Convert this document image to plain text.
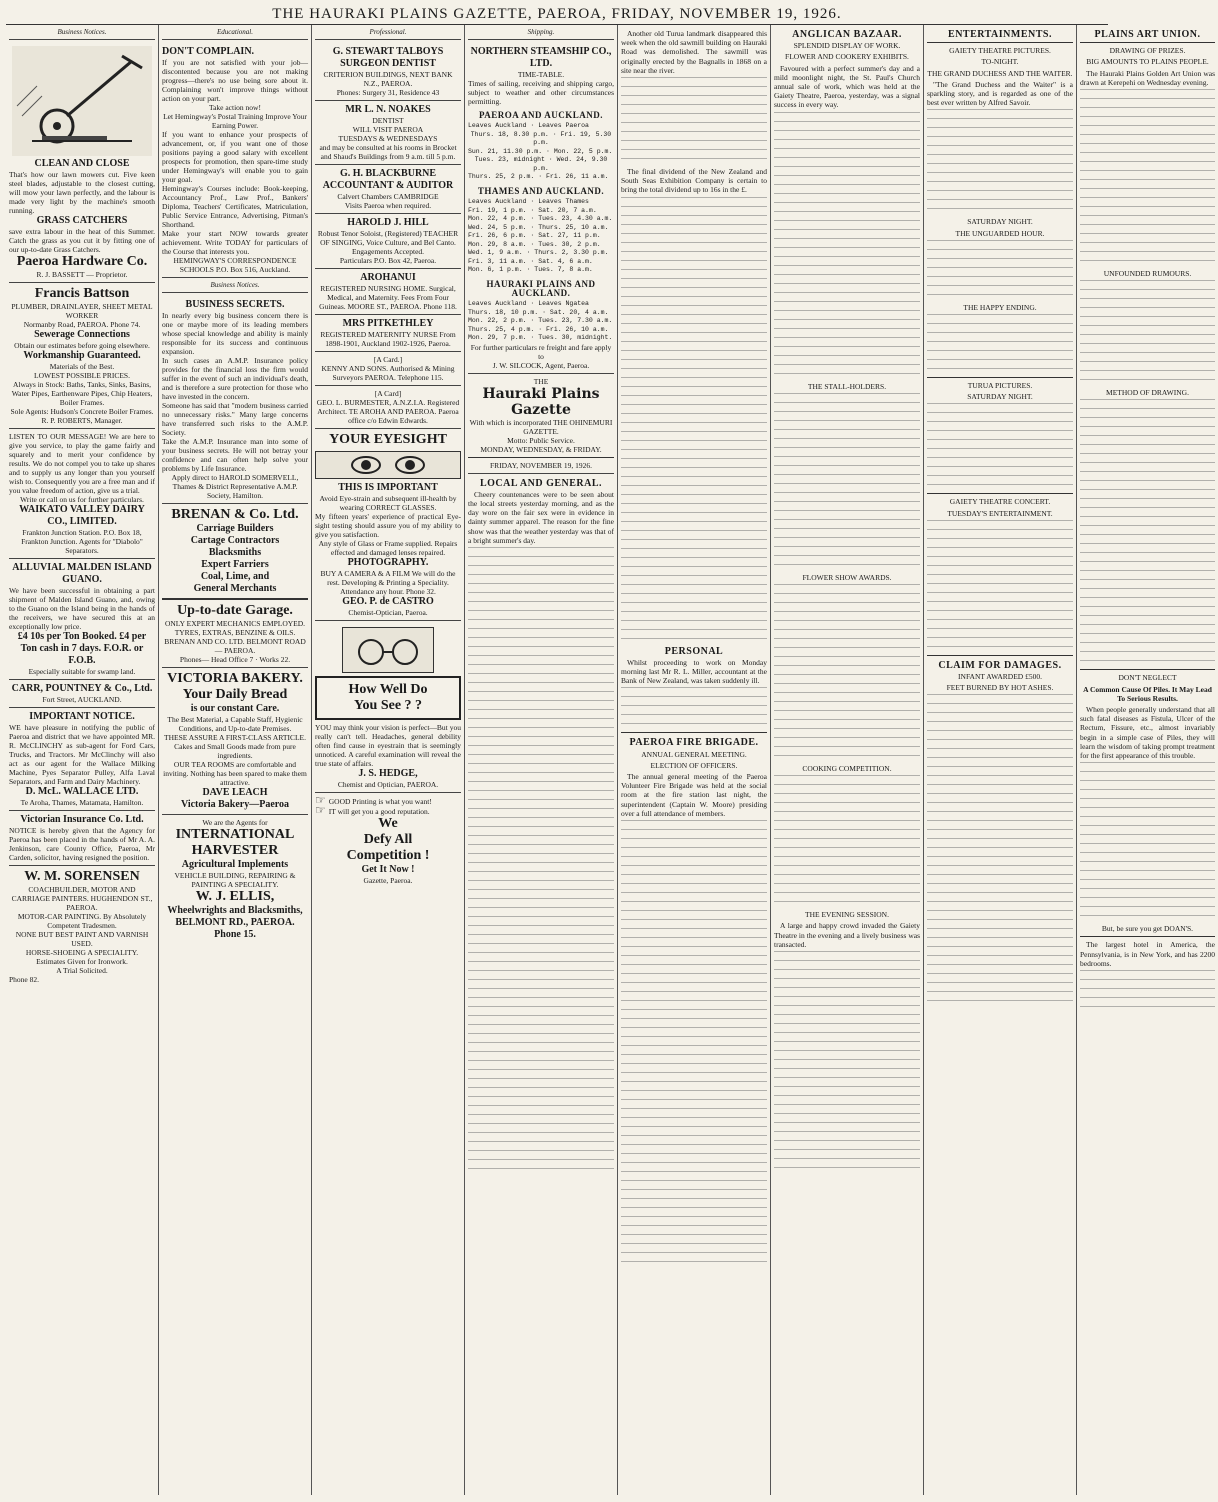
THE HAURAKI PLAINS GAZETTE, PAEROA, FRIDAY, NOVEMBER 19, 1926.
Business Notices.
CLEAN AND CLOSE
That's how our lawn mowers cut. Five keen steel blades, adjustable to the closest cutting, will mow your lawn perfectly, and the labour is made very light by the machine's smooth running.
GRASS CATCHERS
save extra labour in the heat of this Summer. Catch the grass as you cut it by fitting one of our up-to-date Grass Catchers.
Paeroa Hardware Co.
R. J. BASSETT — Proprietor.
Francis Battson
PLUMBER, DRAINLAYER, SHEET METAL WORKER
Normanby Road, PAEROA. Phone 74.
Sewerage Connections
Obtain our estimates before going elsewhere.
Workmanship Guaranteed.
Materials of the Best.
LOWEST POSSIBLE PRICES.
Always in Stock: Baths, Tanks, Sinks, Basins, Water Pipes, Earthenware Pipes, Chip Heaters, Boiler Frames.
Sole Agents: Hudson's Concrete Boiler Frames.
R. P. ROBERTS, Manager.
LISTEN TO OUR MESSAGE! We are here to give you service, to play the game fairly and squarely and to merit your confidence by results. We do not compel you to take up shares and to supply us any longer than you yourself wish to. Consequently you are a free man and if you value freedom of action, give us a trial.
Write or call on us for further particulars.
WAIKATO VALLEY DAIRY CO., LIMITED.
Frankton Junction Station. P.O. Box 18, Frankton Junction. Agents for "Diabolo" Separators.
ALLUVIAL MALDEN ISLAND GUANO.
We have been successful in obtaining a part shipment of Malden Island Guano, and, owing to the Guano on the Island being in the hands of the receivers, we have secured this at an exceptionally low price.
£4 10s per Ton Booked. £4 per Ton cash in 7 days. F.O.R. or F.O.B.
Especially suitable for swamp land.
CARR, POUNTNEY & Co., Ltd.
Fort Street, AUCKLAND.
IMPORTANT NOTICE.
WE have pleasure in notifying the public of Paeroa and district that we have appointed MR. R. McCLINCHY as sub-agent for Ford Cars, Trucks, and Tractors. Mr McClinchy will also act as our agent for the Wallace Milking Machine, Pyes Separator Pulley, Alfa Laval Separators, and Farm and Dairy Machinery.
D. McL. WALLACE LTD.
Te Aroha, Thames, Matamata, Hamilton.
Victorian Insurance Co. Ltd.
NOTICE is hereby given that the Agency for Paeroa has been placed in the hands of Mr A. A. Jenkinson, care County Office, Paeroa, Mr Carden, solicitor, having resigned the position.
W. M. SORENSEN
COACHBUILDER, MOTOR AND CARRIAGE PAINTERS. HUGHENDON ST., PAEROA.
MOTOR-CAR PAINTING. By Absolutely Competent Tradesmen.
NONE BUT BEST PAINT AND VARNISH USED.
HORSE-SHOEING A SPECIALITY.
Estimates Given for Ironwork.
A Trial Solicited.
Phone 82.
Educational.
DON'T COMPLAIN.
If you are not satisfied with your job—discontented because you are not making progress—there's no use being sore about it. Complaining won't improve things without action on your part.
Take action now!
Let Hemingway's Postal Training Improve Your Earning Power.
If you want to enhance your prospects of advancement, or, if you want one of those positions paying a good salary with excellent prospects for promotion, then spare-time study under Hemingway's will enable you to gain your goal.
Hemingway's Courses include: Book-keeping, Accountancy Prof., Law Prof., Bankers' Diploma, Teachers' Certificates, Matriculation, Public Service Entrance, Advertising, Pitman's Shorthand.
Make your start NOW towards greater achievement. Write TODAY for particulars of the Course that interests you.
HEMINGWAY'S CORRESPONDENCE SCHOOLS P.O. Box 516, Auckland.
Business Notices.
BUSINESS SECRETS.
In nearly every big business concern there is one or maybe more of its leading members whose special knowledge and ability is mainly responsible for its success and continuous expansion.
In such cases an A.M.P. Insurance policy provides for the financial loss the firm would suffer in the event of such an individual's death, and is therefore a sure protection for those who have invested in the concern.
Someone has said that "modern business carried no unnecessary risks." Many large concerns have transferred such risks to the A.M.P. Society.
Take the A.M.P. Insurance man into some of your business secrets. He will not betray your confidence and can often help solve your problems by Life Insurance.
Apply direct to HAROLD SOMERVELL, Thames & District Representative A.M.P. Society, Hamilton.
BRENAN & Co. Ltd.
Carriage Builders
Cartage Contractors
Blacksmiths
Expert Farriers
Coal, Lime, and
General Merchants
Up-to-date Garage.
ONLY EXPERT MECHANICS EMPLOYED.
TYRES, EXTRAS, BENZINE & OILS.
BRENAN AND CO. LTD. BELMONT ROAD — PAEROA.
Phones— Head Office 7 · Works 22.
VICTORIA BAKERY.
Your Daily Bread
is our constant Care.
The Best Material, a Capable Staff, Hygienic Conditions, and Up-to-date Premises.
THESE ASSURE A FIRST-CLASS ARTICLE.
Cakes and Small Goods made from pure ingredients.
OUR TEA ROOMS are comfortable and inviting. Nothing has been spared to make them attractive.
DAVE LEACH
Victoria Bakery—Paeroa
We are the Agents for
INTERNATIONAL HARVESTER
Agricultural Implements
VEHICLE BUILDING, REPAIRING & PAINTING A SPECIALITY.
W. J. ELLIS,
Wheelwrights and Blacksmiths,
BELMONT RD., PAEROA.
Phone 15.
Professional.
G. STEWART TALBOYS SURGEON DENTIST
CRITERION BUILDINGS, NEXT BANK N.Z., PAEROA.
Phones: Surgery 31, Residence 43
MR L. N. NOAKES
DENTIST
WILL VISIT PAEROA
TUESDAYS & WEDNESDAYS
and may be consulted at his rooms in Brocket and Shaud's Buildings from 9 a.m. till 5 p.m.
G. H. BLACKBURNE ACCOUNTANT & AUDITOR
Calvert Chambers CAMBRIDGE
Visits Paeroa when required.
HAROLD J. HILL
Robust Tenor Soloist, (Registered) TEACHER OF SINGING, Voice Culture, and Bel Canto. Engagements Accepted.
Particulars P.O. Box 42, Paeroa.
AROHANUI
REGISTERED NURSING HOME. Surgical, Medical, and Maternity. Fees From Four Guineas. MOORE ST., PAEROA. Phone 118.
MRS PITKETHLEY
REGISTERED MATERNITY NURSE From 1898-1901, Auckland 1902-1926, Paeroa.
[A Card.]
KENNY AND SONS. Authorised & Mining Surveyors PAEROA. Telephone 115.
[A Card]
GEO. L. BURMESTER, A.N.Z.I.A. Registered Architect. TE AROHA AND PAEROA. Paeroa office c/o Edwin Edwards.
YOUR EYESIGHT
THIS IS IMPORTANT
Avoid Eye-strain and subsequent ill-health by wearing CORRECT GLASSES.
My fifteen years' experience of practical Eye-sight testing should assure you of my ability to give you satisfaction.
Any style of Glass or Frame supplied. Repairs effected and damaged lenses repaired.
PHOTOGRAPHY.
BUY A CAMERA & A FILM We will do the rest. Developing & Printing a Speciality. Attendance any hour. Phone 32.
GEO. P. de CASTRO
Chemist-Optician, Paeroa.
How Well Do
You See ? ?
YOU may think your vision is perfect—But you really can't tell. Headaches, general debility often find cause in eyestrain that is seemingly unnoticed. A careful examination will reveal the true state of affairs.
J. S. HEDGE,
Chemist and Optician, PAEROA.
☞ GOOD Printing is what you want!
☞ IT will get you a good reputation.
We
Defy All
Competition !
Get It Now !
Gazette, Paeroa.
Shipping.
NORTHERN STEAMSHIP CO., LTD.
TIME-TABLE.
Times of sailing, receiving and shipping cargo, subject to weather and other circumstances permitting.
PAEROA AND AUCKLAND.
Leaves Auckland · Leaves Paeroa
Thurs. 18, 8.30 p.m. · Fri. 19, 5.30 p.m.
Sun. 21, 11.30 p.m. · Mon. 22, 5 p.m.
Tues. 23, midnight · Wed. 24, 9.30 p.m.
Thurs. 25, 2 p.m. · Fri. 26, 11 a.m.
THAMES AND AUCKLAND.
Leaves Auckland · Leaves Thames
Fri. 19, 1 p.m. · Sat. 20, 7 a.m.
Mon. 22, 4 p.m. · Tues. 23, 4.30 a.m.
Wed. 24, 5 p.m. · Thurs. 25, 10 a.m.
Fri. 26, 6 p.m. · Sat. 27, 11 p.m.
Mon. 29, 8 a.m. · Tues. 30, 2 p.m.
Wed. 1, 9 a.m. · Thurs. 2, 3.30 p.m.
Fri. 3, 11 a.m. · Sat. 4, 6 a.m.
Mon. 6, 1 p.m. · Tues. 7, 8 a.m.
HAURAKI PLAINS AND AUCKLAND.
Leaves Auckland · Leaves Ngatea
Thurs. 18, 10 p.m. · Sat. 20, 4 a.m.
Mon. 22, 2 p.m. · Tues. 23, 7.30 a.m.
Thurs. 25, 4 p.m. · Fri. 26, 10 a.m.
Mon. 29, 7 p.m. · Tues. 30, midnight.
For further particulars re freight and fare apply to
J. W. SILCOCK, Agent, Paeroa.
THE
Hauraki Plains Gazette
With which is incorporated THE OHINEMURI GAZETTE.
Motto: Public Service.
MONDAY, WEDNESDAY, & FRIDAY.
FRIDAY, NOVEMBER 19, 1926.
LOCAL AND GENERAL.

Cheery countenances were to be seen about the local streets yesterday morning, and as the day wore on the fair sex were in evidence in dainty summer apparel. The reason for the fine show was that the weather yesterday was that of a bright summer's day.

Another old Turua landmark disappeared this week when the old sawmill building on Hauraki Road was demolished. The sawmill was originally erected by the Bagnalls in 1868 on a site near the river.

The final dividend of the New Zealand and South Seas Exhibition Company is certain to bring the total dividend up to 16s in the £.

PERSONAL

Whilst proceeding to work on Monday morning last Mr R. L. Miller, accountant at the Bank of New Zealand, was taken suddenly ill.

PAEROA FIRE BRIGADE.
ANNUAL GENERAL MEETING.
ELECTION OF OFFICERS.

The annual general meeting of the Paeroa Volunteer Fire Brigade was held at the social room at the fire station last night, the superintendent (Captain W. Moore) presiding over a full attendance of members.

ANGLICAN BAZAAR.
SPLENDID DISPLAY OF WORK.
FLOWER AND COOKERY EXHIBITS.

Favoured with a perfect summer's day and a mild moonlight night, the St. Paul's Church annual sale of work, which was held at the Gaiety Theatre, Paeroa, yesterday, was a signal success in every way.

THE STALL-HOLDERS.
FLOWER SHOW AWARDS.
COOKING COMPETITION.
THE EVENING SESSION.

A large and happy crowd invaded the Gaiety Theatre in the evening and a lively business was transacted.

ENTERTAINMENTS.
GAIETY THEATRE PICTURES.
TO-NIGHT.
THE GRAND DUCHESS AND THE WAITER.

"The Grand Duchess and the Waiter" is a sparkling story, and is regarded as one of the best ever written by Alfred Savoir.

SATURDAY NIGHT.
THE UNGUARDED HOUR.
THE HAPPY ENDING.
TURUA PICTURES.
SATURDAY NIGHT.
GAIETY THEATRE CONCERT.
TUESDAY'S ENTERTAINMENT.
CLAIM FOR DAMAGES.
INFANT AWARDED £500.
FEET BURNED BY HOT ASHES.
PLAINS ART UNION.
DRAWING OF PRIZES.
BIG AMOUNTS TO PLAINS PEOPLE.

The Hauraki Plains Golden Art Union was drawn at Kerepehi on Wednesday evening.

UNFOUNDED RUMOURS.
METHOD OF DRAWING.
DON'T NEGLECT
A Common Cause Of Piles. It May Lead To Serious Results.

When people generally understand that all such fatal diseases as Fistula, Ulcer of the Rectum, Fissure, etc., almost invariably begin in a simple case of Piles, they will learn the wisdom of taking prompt treatment for the first appearance of this trouble.

But, be sure you get DOAN'S.

The largest hotel in America, the Pennsylvania, is in New York, and has 2200 bedrooms.
